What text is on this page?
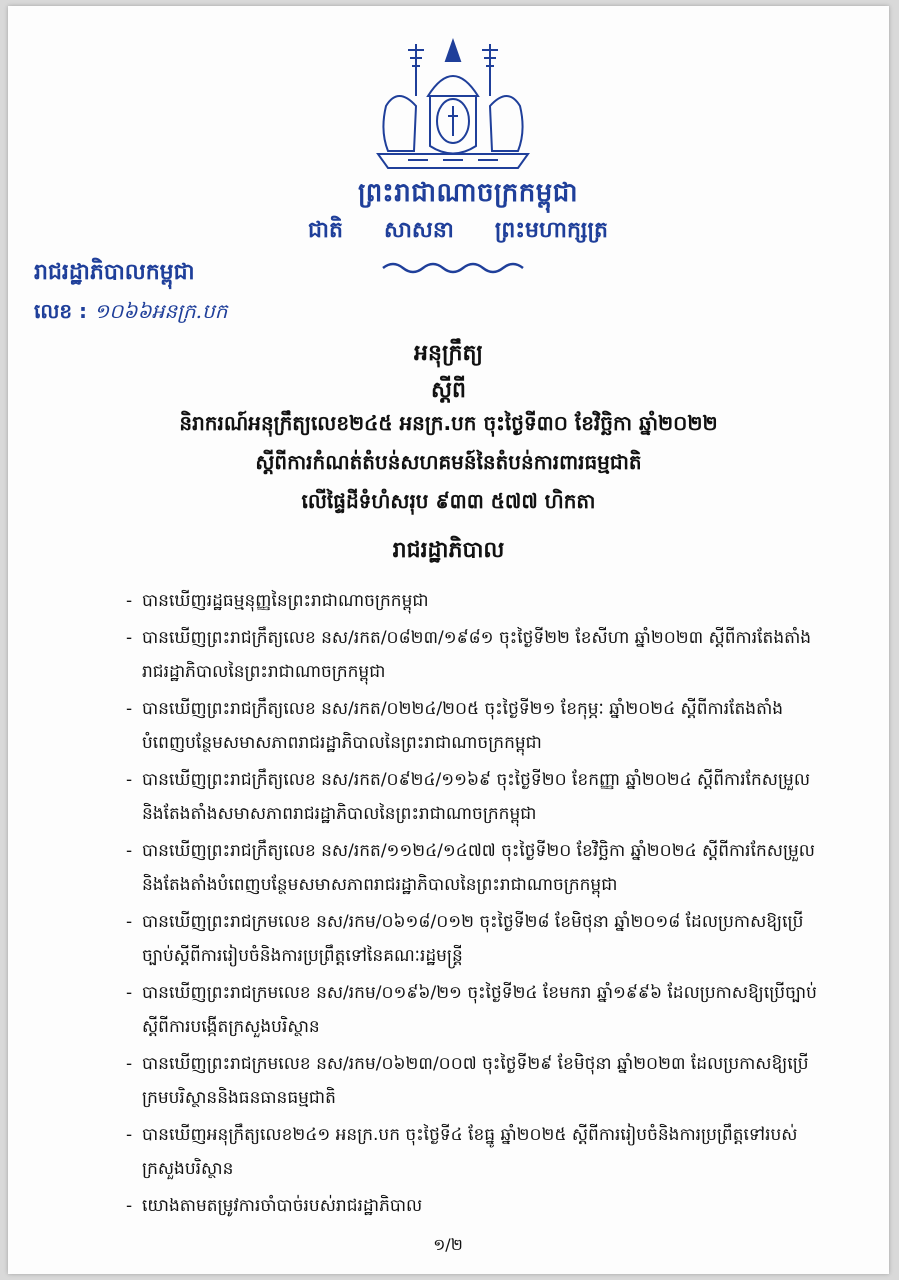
ព្រះរាជាណាចក្រកម្ពុជា
ជាតិ សាសនា ព្រះមហាក្សត្រ
រាជរដ្ឋាភិបាលកម្ពុជា
លេខ : ១០៦៦អនក្រ.បក
អនុក្រឹត្យ
ស្ដីពី
និរាករណ៍អនុក្រឹត្យលេខ២៤៥ អនក្រ.បក ចុះថ្ងៃទី៣០ ខែវិច្ឆិកា ឆ្នាំ២០២២
ស្ដីពីការកំណត់តំបន់សហគមន៍នៃតំបន់ការពារធម្មជាតិ
លើផ្ទៃដីទំហំសរុប ៩៣៣ ៥៧៧ ហិកតា
រាជរដ្ឋាភិបាល
- បានឃើញរដ្ឋធម្មនុញ្ញនៃព្រះរាជាណាចក្រកម្ពុជា
- បានឃើញព្រះរាជក្រឹត្យលេខ នស/រកត/០៨២៣/១៩៨១ ចុះថ្ងៃទី២២ ខែសីហា ឆ្នាំ២០២៣ ស្ដីពីការតែងតាំងរាជរដ្ឋាភិបាលនៃព្រះរាជាណាចក្រកម្ពុជា
- បានឃើញព្រះរាជក្រឹត្យលេខ នស/រកត/០២២៤/២០៥ ចុះថ្ងៃទី២១ ខែកុម្ភៈ ឆ្នាំ២០២៤ ស្ដីពីការតែងតាំងបំពេញបន្ថែមសមាសភាពរាជរដ្ឋាភិបាលនៃព្រះរាជាណាចក្រកម្ពុជា
- បានឃើញព្រះរាជក្រឹត្យលេខ នស/រកត/០៩២៤/១១៦៩ ចុះថ្ងៃទី២០ ខែកញ្ញា ឆ្នាំ២០២៤ ស្ដីពីការកែសម្រួលនិងតែងតាំងសមាសភាពរាជរដ្ឋាភិបាលនៃព្រះរាជាណាចក្រកម្ពុជា
- បានឃើញព្រះរាជក្រឹត្យលេខ នស/រកត/១១២៤/១៤៧៧ ចុះថ្ងៃទី២០ ខែវិច្ឆិកា ឆ្នាំ២០២៤ ស្ដីពីការកែសម្រួលនិងតែងតាំងបំពេញបន្ថែមសមាសភាពរាជរដ្ឋាភិបាលនៃព្រះរាជាណាចក្រកម្ពុជា
- បានឃើញព្រះរាជក្រមលេខ នស/រកម/០៦១៨/០១២ ចុះថ្ងៃទី២៨ ខែមិថុនា ឆ្នាំ២០១៨ ដែលប្រកាសឱ្យប្រើច្បាប់ស្ដីពីការរៀបចំនិងការប្រព្រឹត្តទៅនៃគណៈរដ្ឋមន្ត្រី
- បានឃើញព្រះរាជក្រមលេខ នស/រកម/០១៩៦/២១ ចុះថ្ងៃទី២៤ ខែមករា ឆ្នាំ១៩៩៦ ដែលប្រកាសឱ្យប្រើច្បាប់ស្ដីពីការបង្កើតក្រសួងបរិស្ថាន
- បានឃើញព្រះរាជក្រមលេខ នស/រកម/០៦២៣/០០៧ ចុះថ្ងៃទី២៩ ខែមិថុនា ឆ្នាំ២០២៣ ដែលប្រកាសឱ្យប្រើក្រមបរិស្ថាននិងធនធានធម្មជាតិ
- បានឃើញអនុក្រឹត្យលេខ២៤១ អនក្រ.បក ចុះថ្ងៃទី៤ ខែធ្នូ ឆ្នាំ២០២៥ ស្ដីពីការរៀបចំនិងការប្រព្រឹត្តទៅរបស់ក្រសួងបរិស្ថាន
- យោងតាមតម្រូវការចាំបាច់របស់រាជរដ្ឋាភិបាល
១/២
